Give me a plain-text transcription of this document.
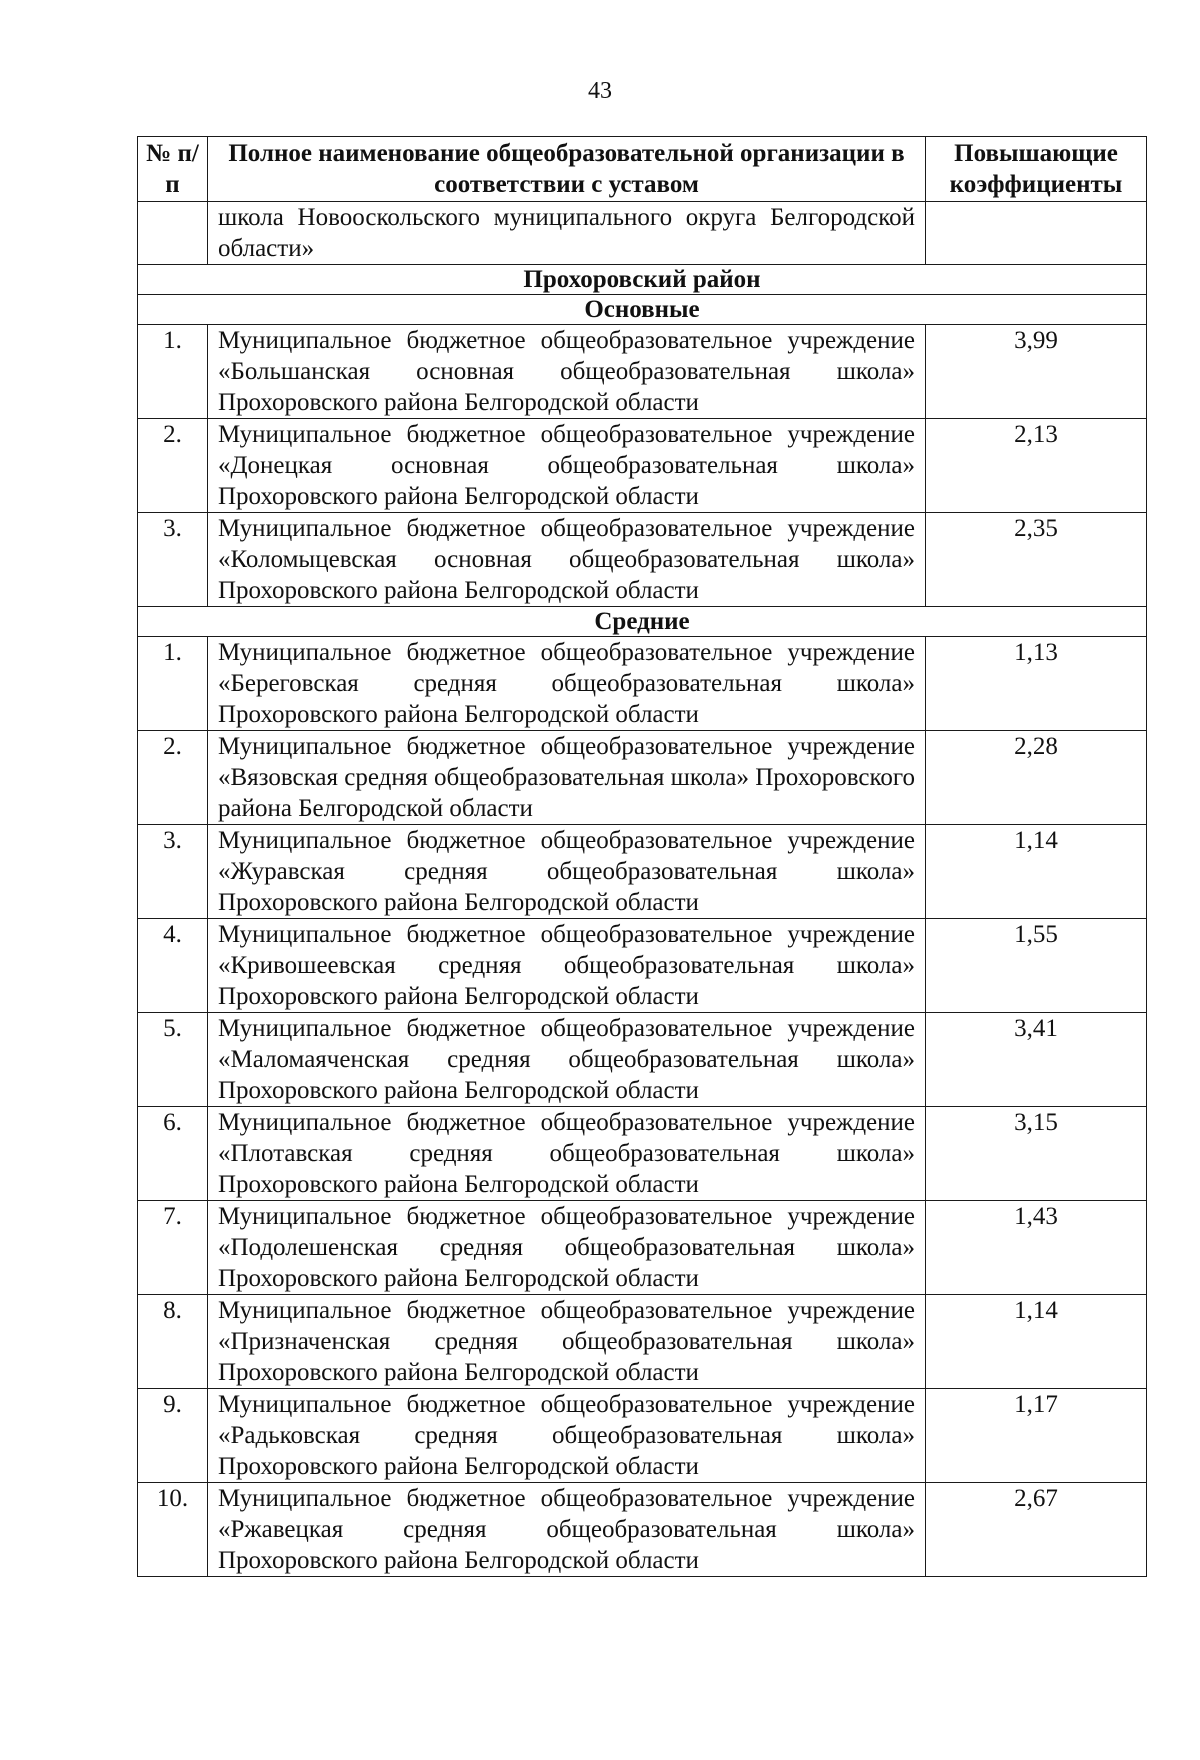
43
№ п/п	Полное наименование общеобразовательной организации в соответствии с уставом	Повышающие коэффициенты
	школа Новооскольского муниципального округа Белгородской области»	
Прохоровский район		
Основные		
1.	Муниципальное бюджетное общеобразовательное учреждение «Большанская основная общеобразовательная школа» Прохоровского района Белгородской области	3,99
2.	Муниципальное бюджетное общеобразовательное учреждение «Донецкая основная общеобразовательная школа» Прохоровского района Белгородской области	2,13
3.	Муниципальное бюджетное общеобразовательное учреждение «Коломыцевская основная общеобразовательная школа» Прохоровского района Белгородской области	2,35
Средние		
1.	Муниципальное бюджетное общеобразовательное учреждение «Береговская средняя общеобразовательная школа» Прохоровского района Белгородской области	1,13
2.	Муниципальное бюджетное общеобразовательное учреждение «Вязовская средняя общеобразовательная школа» Прохоровского района Белгородской области	2,28
3.	Муниципальное бюджетное общеобразовательное учреждение «Журавская средняя общеобразовательная школа» Прохоровского района Белгородской области	1,14
4.	Муниципальное бюджетное общеобразовательное учреждение «Кривошеевская средняя общеобразовательная школа» Прохоровского района Белгородской области	1,55
5.	Муниципальное бюджетное общеобразовательное учреждение «Маломаяченская средняя общеобразовательная школа» Прохоровского района Белгородской области	3,41
6.	Муниципальное бюджетное общеобразовательное учреждение «Плотавская средняя общеобразовательная школа» Прохоровского района Белгородской области	3,15
7.	Муниципальное бюджетное общеобразовательное учреждение «Подолешенская средняя общеобразовательная школа» Прохоровского района Белгородской области	1,43
8.	Муниципальное бюджетное общеобразовательное учреждение «Призначенская средняя общеобразовательная школа» Прохоровского района Белгородской области	1,14
9.	Муниципальное бюджетное общеобразовательное учреждение «Радьковская средняя общеобразовательная школа» Прохоровского района Белгородской области	1,17
10.	Муниципальное бюджетное общеобразовательное учреждение «Ржавецкая средняя общеобразовательная школа» Прохоровского района Белгородской области	2,67
